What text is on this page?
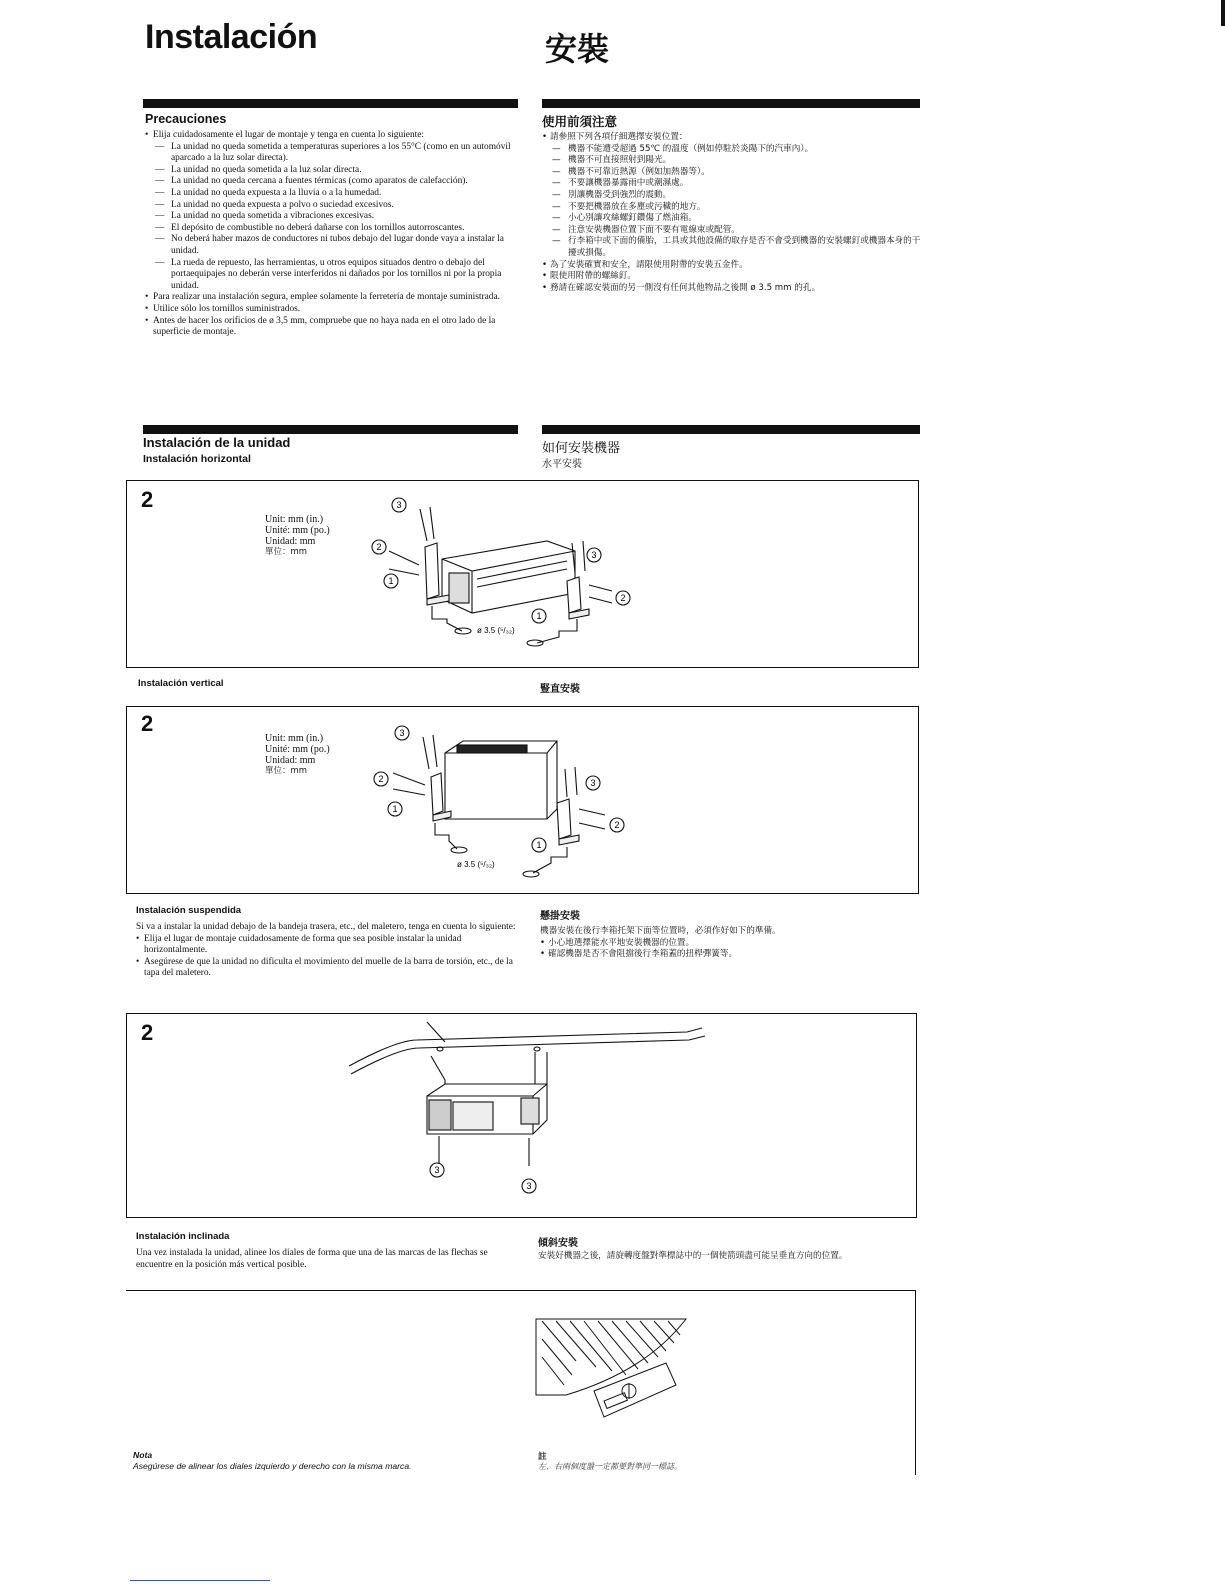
Instalación	安裝
Precauciones	使用前須注意
• Elija cuidadosamente el lugar de montaje y tenga en cuenta lo siguiente:
— La unidad no queda sometida a temperaturas superiores a los 55°C (como en un automóvil aparcado a la luz solar directa).
— La unidad no queda sometida a la luz solar directa.
— La unidad no queda cercana a fuentes térmicas (como aparatos de calefacción).
— La unidad no queda expuesta a la lluvia o a la humedad.
— La unidad no queda expuesta a polvo o suciedad excesivos.
— La unidad no queda sometida a vibraciones excesivas.
— El depósito de combustible no deberá dañarse con los tornillos autorroscantes.
— No deberá haber mazos de conductores ni tubos debajo del lugar donde vaya a instalar la unidad.
— La rueda de repuesto, las herramientas, u otros equipos situados dentro o debajo del portaequipajes no deberán verse interferidos ni dañados por los tornillos ni por la propia unidad.
• Para realizar una instalación segura, emplee solamente la ferretería de montaje suministrada.
• Utilice sólo los tornillos suministrados.
• Antes de hacer los orificios de ø 3,5 mm, compruebe que no haya nada en el otro lado de la superficie de montaje.
• 請參照下列各項仔細選擇安裝位置：
— 機器不能遭受超過 55℃ 的溫度（例如停駐於炎陽下的汽車內）。
— 機器不可直接照射到陽光。
— 機器不可靠近熱源（例如加熱器等）。
— 不要讓機器暴露雨中或潮濕處。
— 別讓機器受到強烈的震動。
— 不要把機器放在多塵或污穢的地方。
— 小心別讓攻絲螺釘鑽傷了燃油箱。
— 注意安裝機器位置下面不要有電線束或配管。
— 行李箱中或下面的備胎，工具或其他設備的取存是否不會受到機器的安裝螺釘或機器本身的干擾或損傷。
• 為了安裝確實和安全，請限使用附帶的安裝五金件。
• 限使用附帶的螺絲釘。
• 務請在確認安裝面的另一側沒有任何其他物品之後開 ø 3.5 mm 的孔。
Instalación de la unidad
Instalación horizontal
如何安裝機器
水平安裝
2
Unit: mm (in.)
Unité: mm (po.)
Unidad: mm
單位：mm
3
2
1
3
2
1
ø 3.5 (⁵/₃₂)
Instalación vertical
豎直安裝
2
Unit: mm (in.)
Unité: mm (po.)
Unidad: mm
單位：mm
3
2
1
3
2
1
ø 3.5 (⁵/₃₂)
Instalación suspendida
Si va a instalar la unidad debajo de la bandeja trasera, etc., del maletero, tenga en cuenta lo siguiente:
• Elija el lugar de montaje cuidadosamente de forma que sea posible instalar la unidad horizontalmente.
• Asegúrese de que la unidad no dificulta el movimiento del muelle de la barra de torsión, etc., de la tapa del maletero.
懸掛安裝
機器安裝在後行李箱托架下面等位置時，必須作好如下的準備。
• 小心地選擇能水平地安裝機器的位置。
• 確認機器是否不會阻擋後行李箱蓋的扭桿彈簧等。
2
3
3
Instalación inclinada
Una vez instalada la unidad, alinee los diales de forma que una de las marcas de las flechas se encuentre en la posición más vertical posible.
傾斜安裝
安裝好機器之後，請旋轉度盤對準標誌中的一個使箭頭盡可能呈垂直方向的位置。
Nota
Asegúrese de alinear los diales izquierdo y derecho con la misma marca.
註
左、右兩個度盤一定都要對準同一標誌。
